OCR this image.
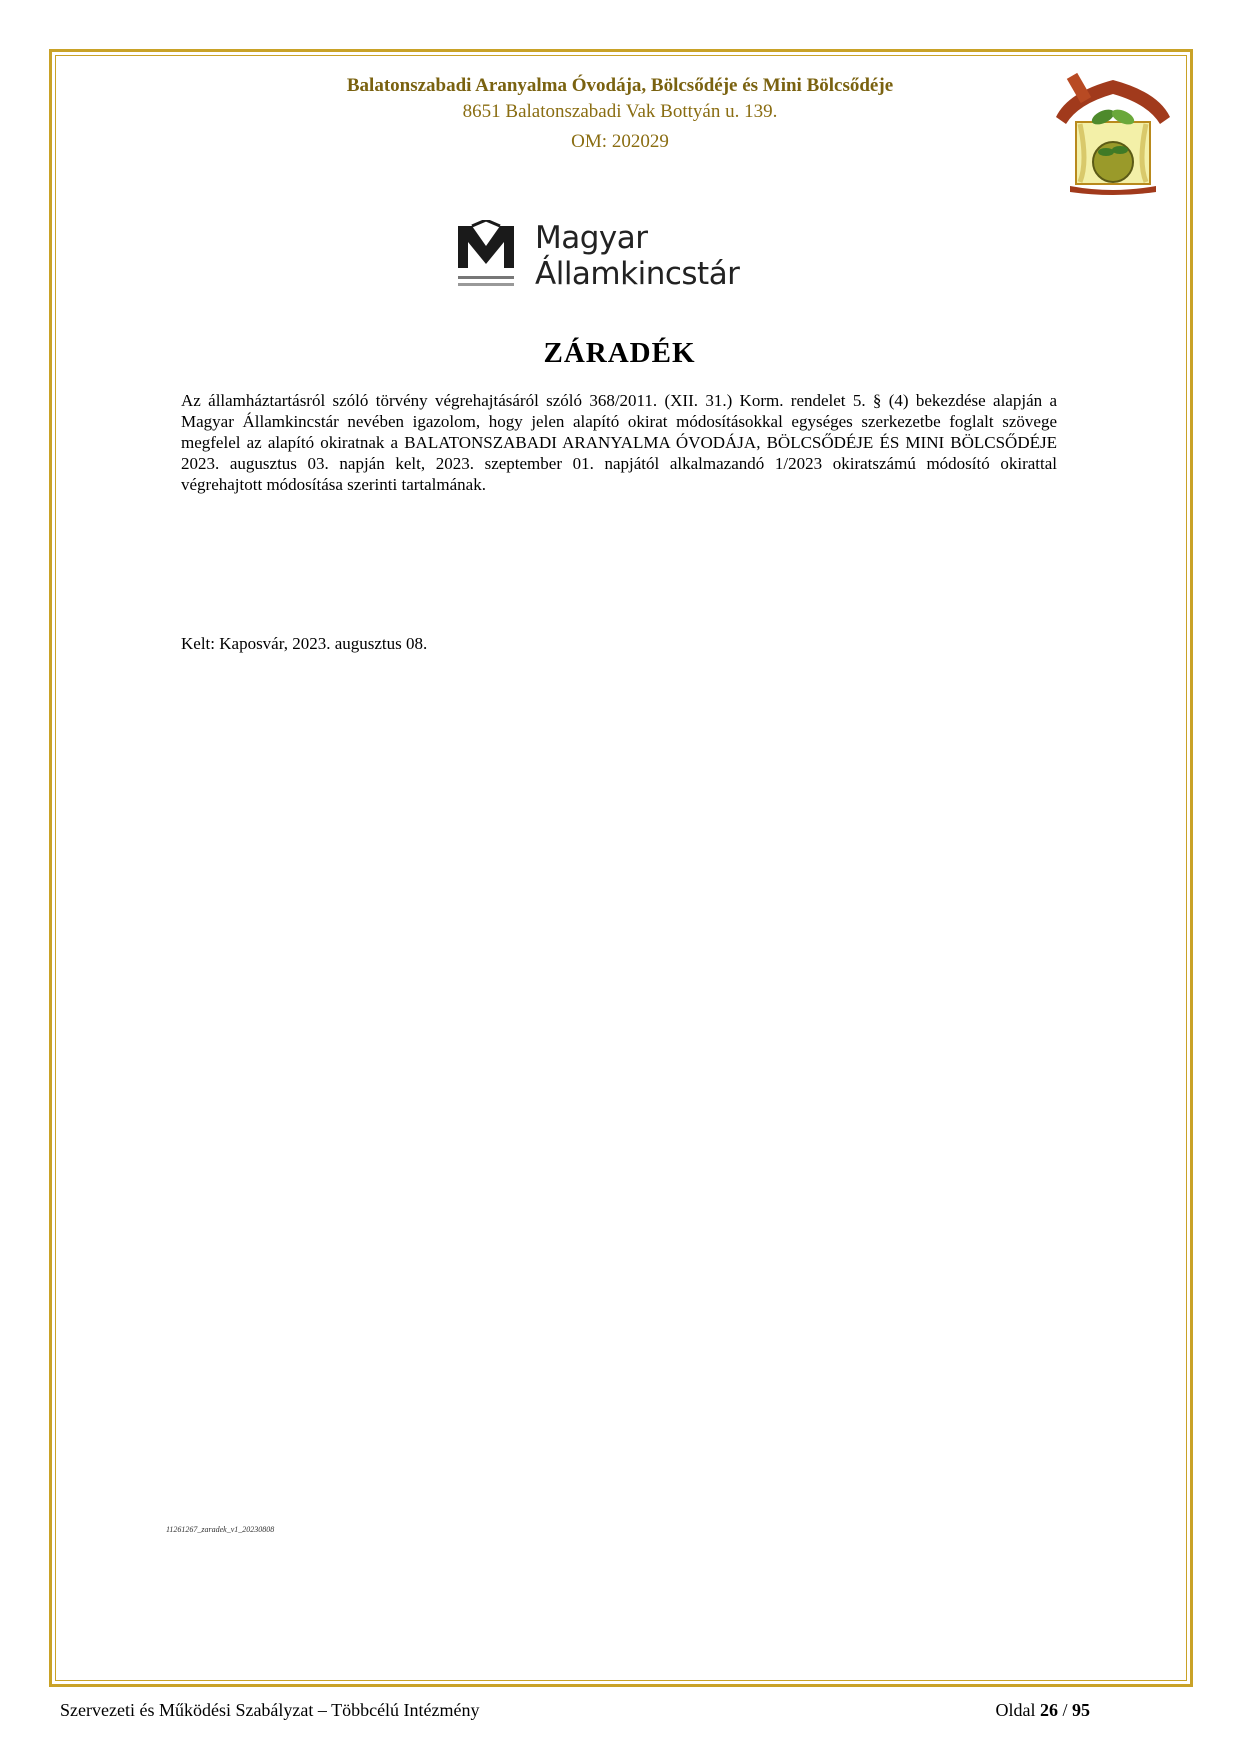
Balatonszabadi Aranyalma Óvodája, Bölcsődéje és Mini Bölcsődéje
8651 Balatonszabadi Vak Bottyán u. 139.
OM: 202029
Magyar
Államkincstár
ZÁRADÉK
Az államháztartásról szóló törvény végrehajtásáról szóló 368/2011. (XII. 31.) Korm. rendelet 5. § (4) bekezdése alapján a Magyar Államkincstár nevében igazolom, hogy jelen alapító okirat módosításokkal egységes szerkezetbe foglalt szövege megfelel az alapító okiratnak a BALATONSZABADI ARANYALMA ÓVODÁJA, BÖLCSŐDÉJE ÉS MINI BÖLCSŐDÉJE 2023. augusztus 03. napján kelt, 2023. szeptember 01. napjától alkalmazandó 1/2023 okiratszámú módosító okirattal végrehajtott módosítása szerinti tartalmának.
Kelt: Kaposvár, 2023. augusztus 08.
11261267_zaradek_v1_20230808
Szervezeti és Működési Szabályzat – Többcélú Intézmény	Oldal 26 / 95
